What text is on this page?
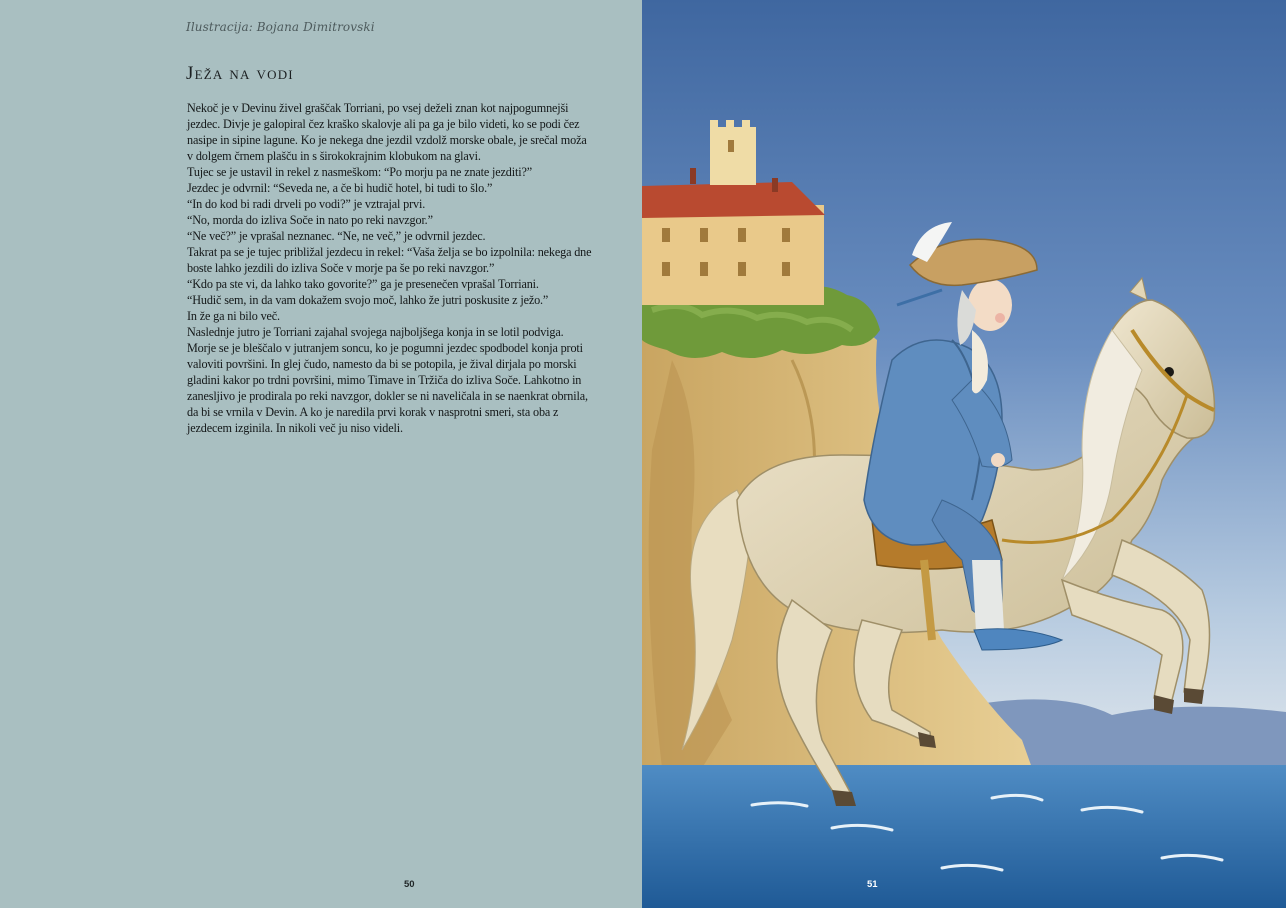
Ilustracija: Bojana Dimitrovski
Ježa na vodi

Nekoč je v Devinu živel graščak Torriani, po vsej deželi znan kot najpogumnejši jezdec. Divje je galopiral čez kraško skalovje ali pa ga je bilo videti, ko se podi čez nasipe in sipine lagune. Ko je nekega dne jezdil vzdolž morske obale, je srečal moža v dolgem črnem plašču in s širokokrajnim klobukom na glavi.

Tujec se je ustavil in rekel z nasmeškom: “Po morju pa ne znate jezditi?”

Jezdec je odvrnil: “Seveda ne, a če bi hudič hotel, bi tudi to šlo.”

“In do kod bi radi drveli po vodi?” je vztrajal prvi.

“No, morda do izliva Soče in nato po reki navzgor.”

“Ne več?” je vprašal neznanec. “Ne, ne več,” je odvrnil jezdec.

Takrat pa se je tujec približal jezdecu in rekel: “Vaša želja se bo izpolnila: nekega dne boste lahko jezdili do izliva Soče v morje pa še po reki navzgor.”

“Kdo pa ste vi, da lahko tako govorite?” ga je presenečen vprašal Torriani.

“Hudič sem, in da vam dokažem svojo moč, lahko že jutri poskusite z ježo.”

In že ga ni bilo več.

Naslednje jutro je Torriani zajahal svojega najboljšega konja in se lotil podviga. Morje se je bleščalo v jutranjem soncu, ko je pogumni jezdec spodbodel konja proti valoviti površini. In glej čudo, namesto da bi se potopila, je žival dirjala po morski gladini kakor po trdni površini, mimo Timave in Tržiča do izliva Soče. Lahkotno in zanesljivo je prodirala po reki navzgor, dokler se ni naveličala in se naenkrat obrnila, da bi se vrnila v Devin. A ko je naredila prvi korak v nasprotni smeri, sta oba z jezdecem izginila. In nikoli več ju niso videli.

50	51
